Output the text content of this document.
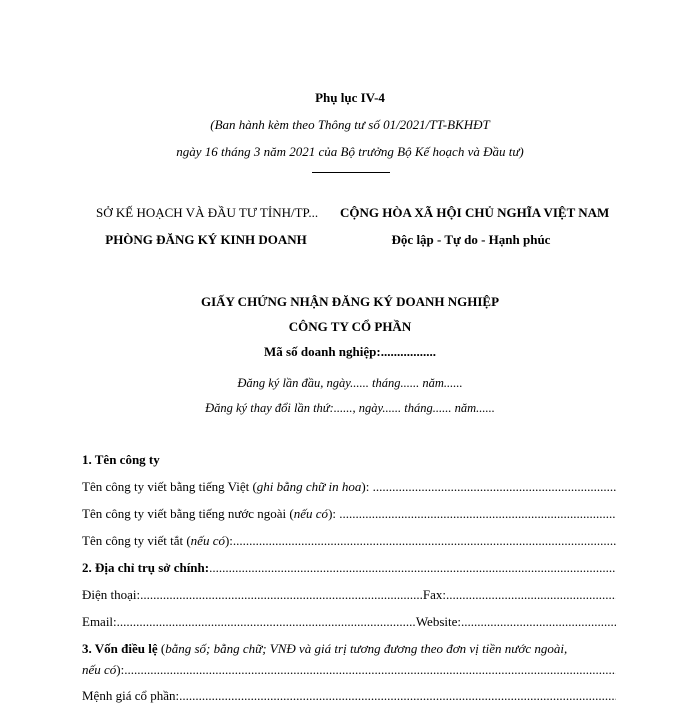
Phụ lục IV-4
(Ban hành kèm theo Thông tư số 01/2021/TT-BKHĐT
ngày 16 tháng 3 năm 2021 của Bộ trưởng Bộ Kế hoạch và Đầu tư)
SỞ KẾ HOẠCH VÀ ĐẦU TƯ TỈNH/TP...
PHÒNG ĐĂNG KÝ KINH DOANH
CỘNG HÒA XÃ HỘI CHỦ NGHĨA VIỆT NAM
Độc lập - Tự do - Hạnh phúc
GIẤY CHỨNG NHẬN ĐĂNG KÝ DOANH NGHIỆP
CÔNG TY CỔ PHẦN
Mã số doanh nghiệp:.................
Đăng ký lần đầu, ngày...... tháng...... năm......
Đăng ký thay đổi lần thứ:......, ngày...... tháng...... năm......
1. Tên công ty
Tên công ty viết bằng tiếng Việt ( ghi bằng chữ in hoa ):

.....
Tên công ty viết bằng tiếng nước ngoài ( nếu có ):

.....
Tên công ty viết tắt ( nếu có ):
.....
2. Địa chỉ trụ sở chính:
.....
Điện thoại: .....	Fax:
.....
Email: .....	Website:
.....
3. Vốn điều lệ (bằng số; bằng chữ; VNĐ và giá trị tương đương theo đơn vị tiền nước ngoài,
nếu có ):
.....
Mệnh giá cổ phần:
.....
